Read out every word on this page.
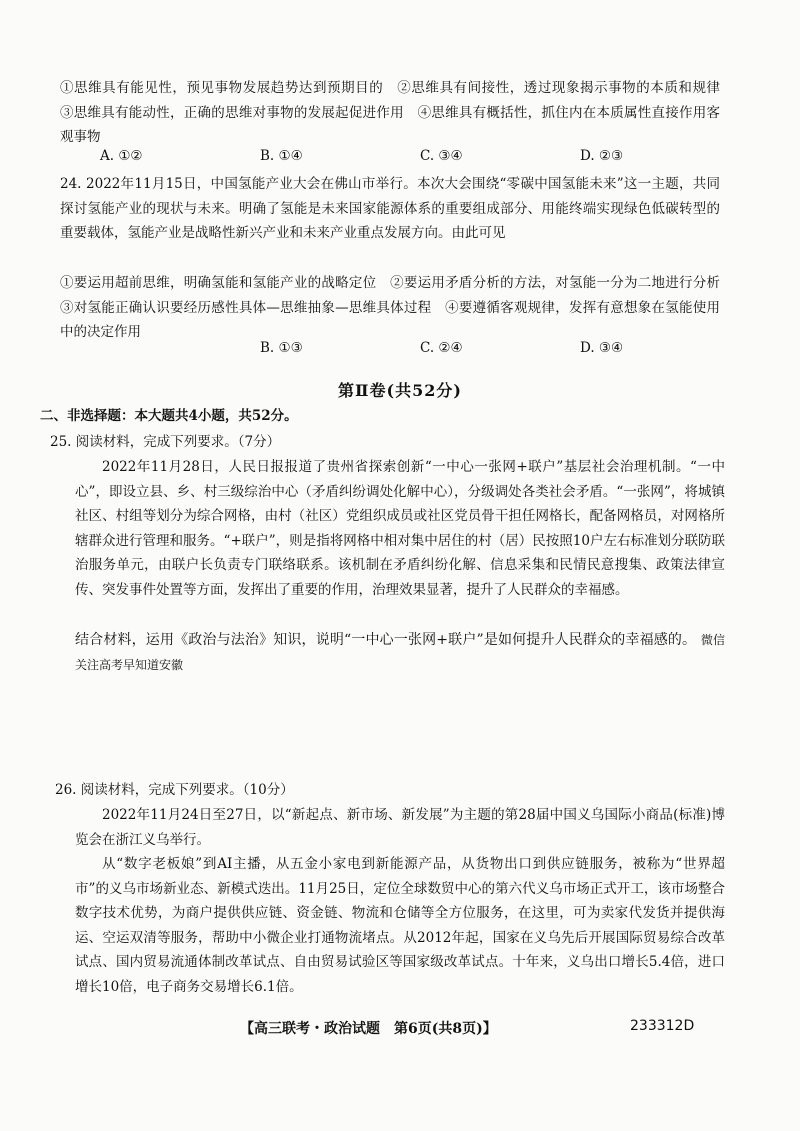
①思维具有能见性，预见事物发展趋势达到预期目的　②思维具有间接性，透过现象揭示事物的本质和规律　③思维具有能动性，正确的思维对事物的发展起促进作用　④思维具有概括性，抓住内在本质属性直接作用客观事物
A. ①②	B. ①④	C. ③④	D. ②③
24. 2022年11月15日，中国氢能产业大会在佛山市举行。本次大会围绕“零碳中国氢能未来”这一主题，共同探讨氢能产业的现状与未来。明确了氢能是未来国家能源体系的重要组成部分、用能终端实现绿色低碳转型的重要载体，氢能产业是战略性新兴产业和未来产业重点发展方向。由此可见
①要运用超前思维，明确氢能和氢能产业的战略定位　②要运用矛盾分析的方法，对氢能一分为二地进行分析　③对氢能正确认识要经历感性具体—思维抽象—思维具体过程　④要遵循客观规律，发挥有意想象在氢能使用中的决定作用
B. ①③	C. ②④	D. ③④
第Ⅱ卷(共52分)
二、非选择题：本大题共4小题，共52分。
25. 阅读材料，完成下列要求。（7分）
2022年11月28日，人民日报报道了贵州省探索创新“一中心一张网+联户”基层社会治理机制。“一中心”，即设立县、乡、村三级综治中心（矛盾纠纷调处化解中心），分级调处各类社会矛盾。“一张网”，将城镇社区、村组等划分为综合网格，由村（社区）党组织成员或社区党员骨干担任网格长，配备网格员，对网格所辖群众进行管理和服务。“+联户”，则是指将网格中相对集中居住的村（居）民按照10户左右标准划分联防联治服务单元，由联户长负责专门联络联系。该机制在矛盾纠纷化解、信息采集和民情民意搜集、政策法律宣传、突发事件处置等方面，发挥出了重要的作用，治理效果显著，提升了人民群众的幸福感。
结合材料，运用《政治与法治》知识，说明“一中心一张网+联户”是如何提升人民群众的幸福感的。 微信关注高考早知道安徽
26. 阅读材料，完成下列要求。（10分）
2022年11月24日至27日，以“新起点、新市场、新发展”为主题的第28届中国义乌国际小商品(标准)博览会在浙江义乌举行。
从“数字老板娘”到AI主播，从五金小家电到新能源产品，从货物出口到供应链服务，被称为“世界超市”的义乌市场新业态、新模式迭出。11月25日，定位全球数贸中心的第六代义乌市场正式开工，该市场整合数字技术优势，为商户提供供应链、资金链、物流和仓储等全方位服务，在这里，可为卖家代发货并提供海运、空运双清等服务，帮助中小微企业打通物流堵点。从2012年起，国家在义乌先后开展国际贸易综合改革试点、国内贸易流通体制改革试点、自由贸易试验区等国家级改革试点。十年来，义乌出口增长5.4倍，进口增长10倍，电子商务交易增长6.1倍。
【高三联考・政治试题　第6页(共8页)】	233312D
